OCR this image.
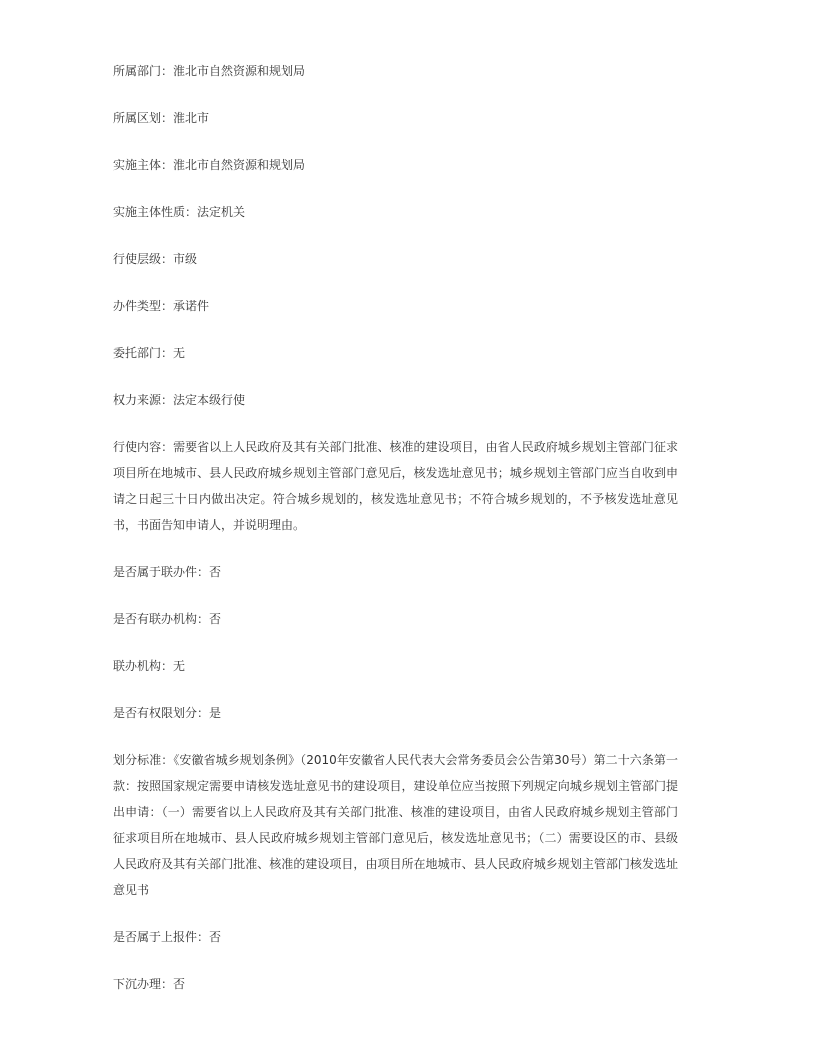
所属部门：淮北市自然资源和规划局
所属区划：淮北市
实施主体：淮北市自然资源和规划局
实施主体性质：法定机关
行使层级：市级
办件类型：承诺件
委托部门：无
权力来源：法定本级行使
行使内容：需要省以上人民政府及其有关部门批准、核准的建设项目，由省人民政府城乡规划主管部门征求项目所在地城市、县人民政府城乡规划主管部门意见后，核发选址意见书；城乡规划主管部门应当自收到申请之日起三十日内做出决定。符合城乡规划的，核发选址意见书；不符合城乡规划的，不予核发选址意见书，书面告知申请人，并说明理由。
是否属于联办件：否
是否有联办机构：否
联办机构：无
是否有权限划分：是
划分标准：《安徽省城乡规划条例》（2010年安徽省人民代表大会常务委员会公告第30号）第二十六条第一款：按照国家规定需要申请核发选址意见书的建设项目，建设单位应当按照下列规定向城乡规划主管部门提出申请：（一）需要省以上人民政府及其有关部门批准、核准的建设项目，由省人民政府城乡规划主管部门征求项目所在地城市、县人民政府城乡规划主管部门意见后，核发选址意见书；（二）需要设区的市、县级人民政府及其有关部门批准、核准的建设项目，由项目所在地城市、县人民政府城乡规划主管部门核发选址意见书
是否属于上报件：否
下沉办理：否
